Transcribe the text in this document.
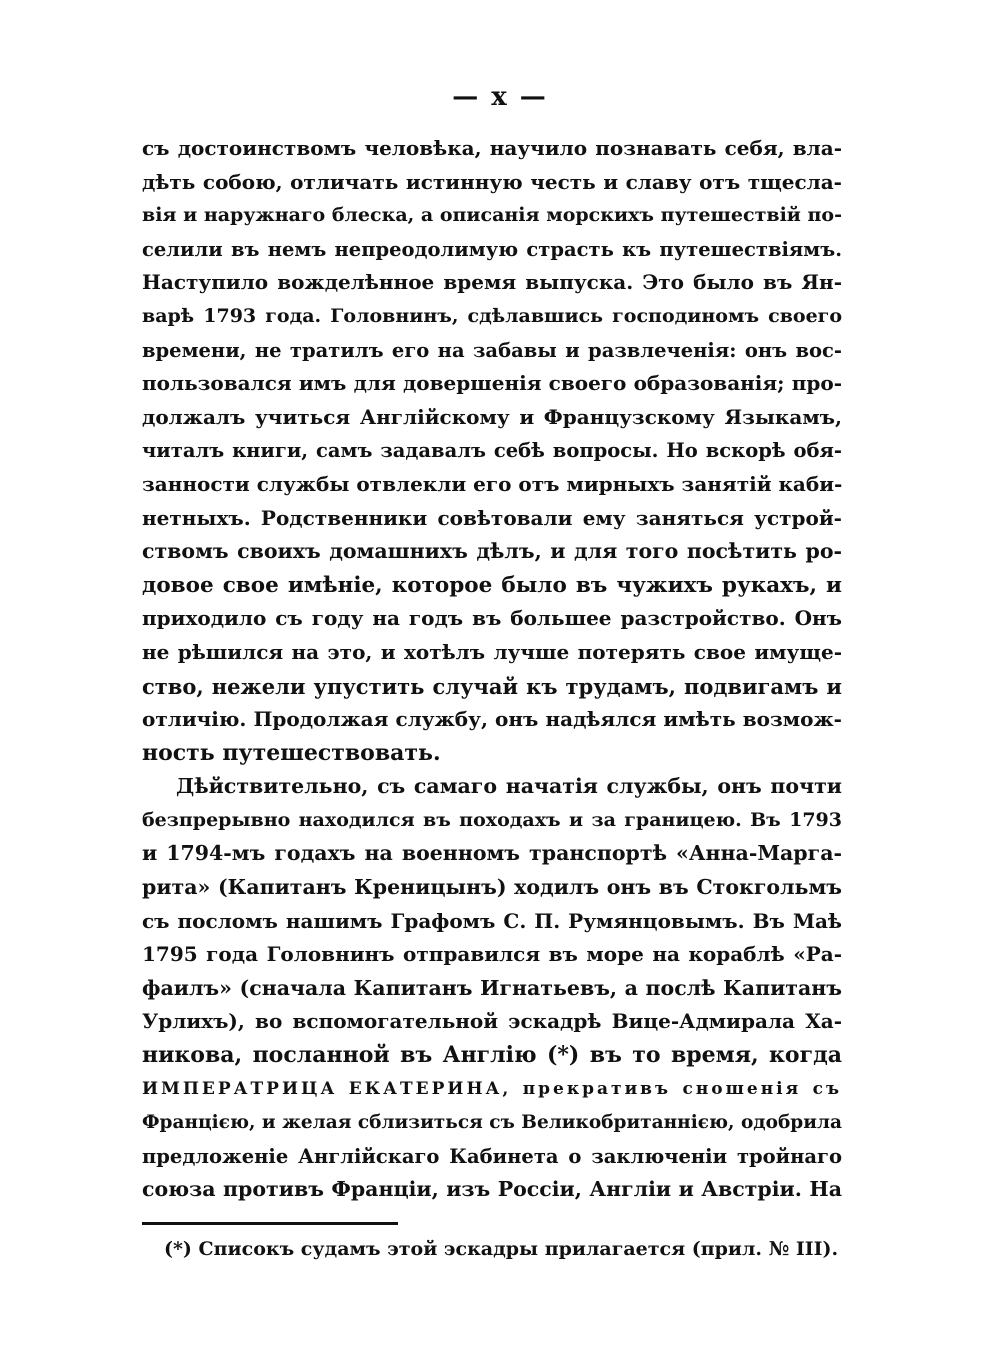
— x —
съ достоинствомъ человѣка, научило познавать себя, вла-
дѣть собою, отличать истинную честь и славу отъ тщесла-
вія и наружнаго блеска, а описанія морскихъ путешествій по-
селили въ немъ непреодолимую страсть къ путешествіямъ.
Наступило вожделѣнное время выпуска. Это было въ Ян-
варѣ 1793 года. Головнинъ, сдѣлавшись господиномъ своего
времени, не тратилъ его на забавы и развлеченія: онъ вос-
пользовался имъ для довершенія своего образованія; про-
должалъ учиться Англійскому и Французскому Языкамъ,
читалъ книги, самъ задавалъ себѣ вопросы. Но вскорѣ обя-
занности службы отвлекли его отъ мирныхъ занятій каби-
нетныхъ. Родственники совѣтовали ему заняться устрой-
ствомъ своихъ домашнихъ дѣлъ, и для того посѣтить ро-
довое свое имѣніе, которое было въ чужихъ рукахъ, и
приходило съ году на годъ въ большее разстройство. Онъ
не рѣшился на это, и хотѣлъ лучше потерять свое имуще-
ство, нежели упустить случай къ трудамъ, подвигамъ и
отличію. Продолжая службу, онъ надѣялся имѣть возмож-
ность путешествовать.
Дѣйствительно, съ самаго начатія службы, онъ почти
безпрерывно находился въ походахъ и за границею. Въ 1793
и 1794-мъ годахъ на военномъ транспортѣ «Анна-Марга-
рита» (Капитанъ Креницынъ) ходилъ онъ въ Стокгольмъ
съ посломъ нашимъ Графомъ С. П. Румянцовымъ. Въ Маѣ
1795 года Головнинъ отправился въ море на кораблѣ «Ра-
фаилъ» (сначала Капитанъ Игнатьевъ, а послѣ Капитанъ
Урлихъ), во вспомогательной эскадрѣ Вице-Адмирала Ха-
никова, посланной въ Англію (*) въ то время, когда
ИМПЕРАТРИЦА ЕКАТЕРИНА, прекративъ сношенія съ
Францією, и желая сблизиться съ Великобританнією, одобрила
предложеніе Англійскаго Кабинета о заключеніи тройнаго
союза противъ Франціи, изъ Россіи, Англіи и Австріи. На
(*) Списокъ судамъ этой эскадры прилагается (прил. № III).
